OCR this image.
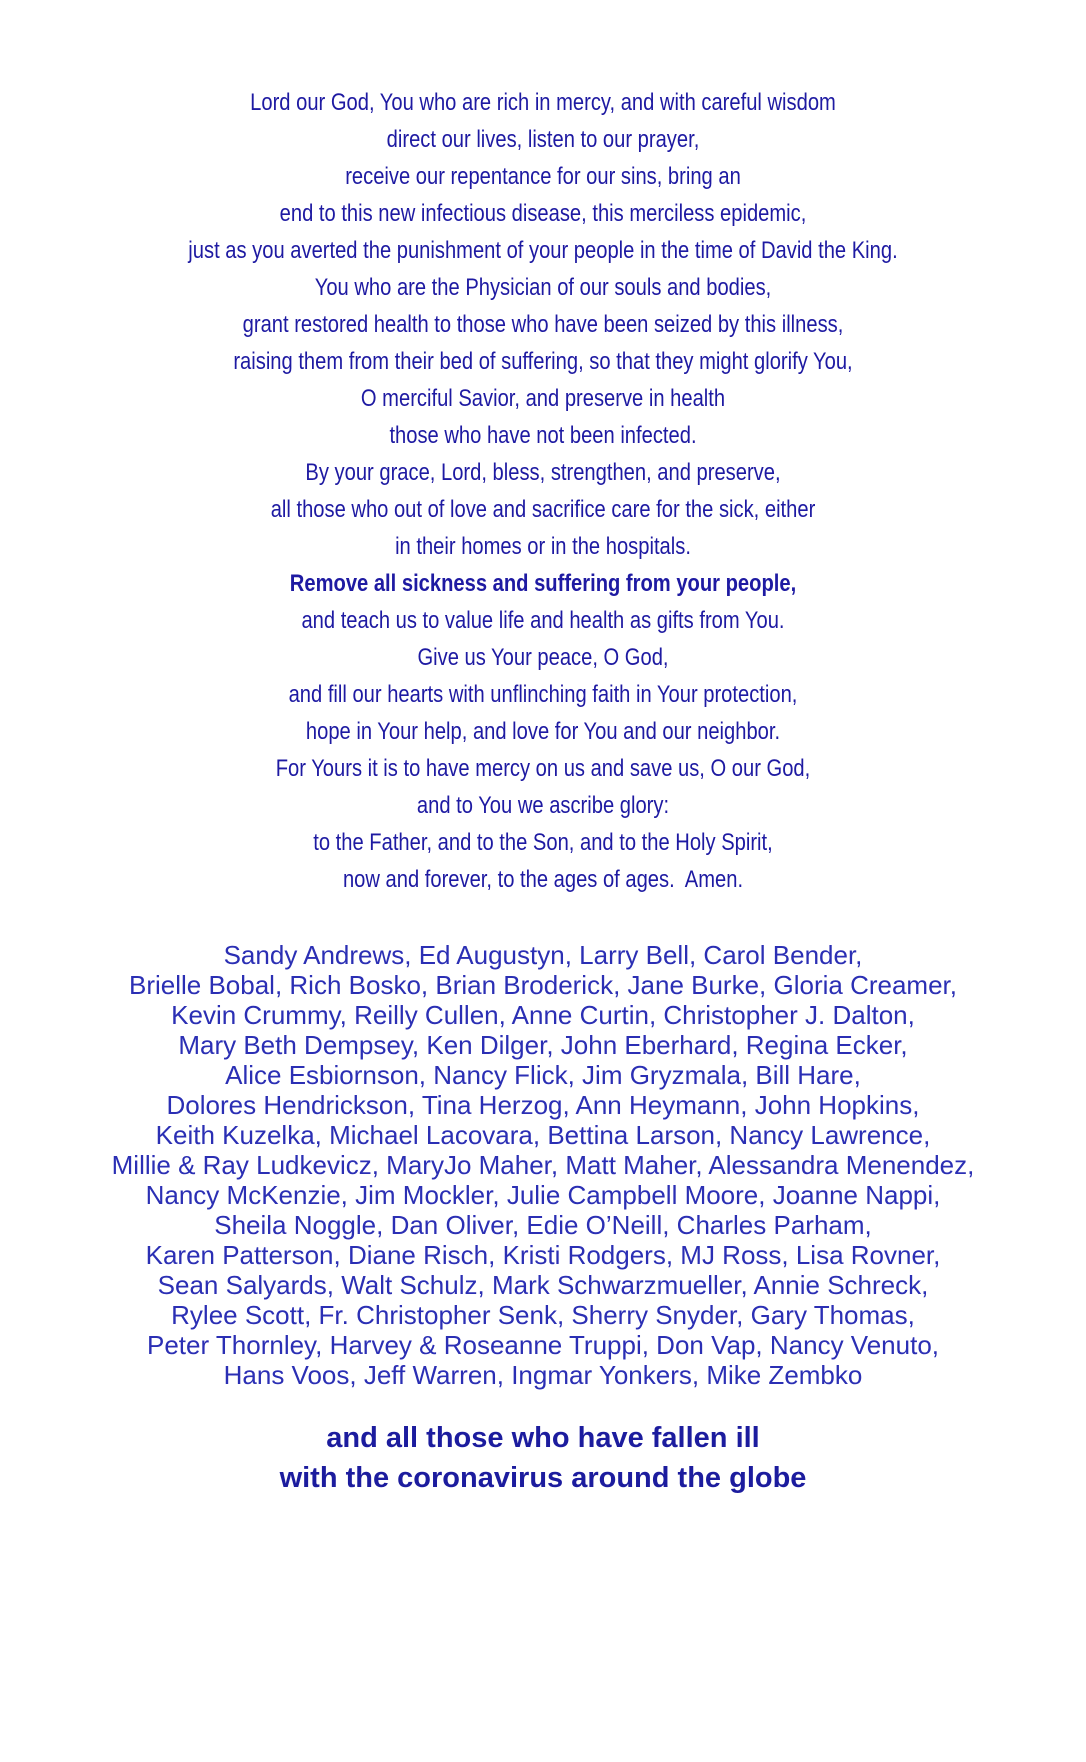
Lord our God, You who are rich in mercy, and with careful wisdom
direct our lives, listen to our prayer,
receive our repentance for our sins, bring an
end to this new infectious disease, this merciless epidemic,
just as you averted the punishment of your people in the time of David the King.
You who are the Physician of our souls and bodies,
grant restored health to those who have been seized by this illness,
raising them from their bed of suffering, so that they might glorify You,
O merciful Savior, and preserve in health
those who have not been infected.
By your grace, Lord, bless, strengthen, and preserve,
all those who out of love and sacrifice care for the sick, either
in their homes or in the hospitals.
Remove all sickness and suffering from your people,
and teach us to value life and health as gifts from You.
Give us Your peace, O God,
and fill our hearts with unflinching faith in Your protection,
hope in Your help, and love for You and our neighbor.
For Yours it is to have mercy on us and save us, O our God,
and to You we ascribe glory:
to the Father, and to the Son, and to the Holy Spirit,
now and forever, to the ages of ages.  Amen.
Sandy Andrews, Ed Augustyn, Larry Bell, Carol Bender,
Brielle Bobal, Rich Bosko, Brian Broderick, Jane Burke, Gloria Creamer,
Kevin Crummy, Reilly Cullen, Anne Curtin, Christopher J. Dalton,
Mary Beth Dempsey, Ken Dilger, John Eberhard, Regina Ecker,
Alice Esbiornson, Nancy Flick, Jim Gryzmala, Bill Hare,
Dolores Hendrickson, Tina Herzog, Ann Heymann, John Hopkins,
Keith Kuzelka, Michael Lacovara, Bettina Larson, Nancy Lawrence,
Millie & Ray Ludkevicz, MaryJo Maher, Matt Maher, Alessandra Menendez,
Nancy McKenzie, Jim Mockler, Julie Campbell Moore, Joanne Nappi,
Sheila Noggle, Dan Oliver, Edie O’Neill, Charles Parham,
Karen Patterson, Diane Risch, Kristi Rodgers, MJ Ross, Lisa Rovner,
Sean Salyards, Walt Schulz, Mark Schwarzmueller, Annie Schreck,
Rylee Scott, Fr. Christopher Senk, Sherry Snyder, Gary Thomas,
Peter Thornley, Harvey & Roseanne Truppi, Don Vap, Nancy Venuto,
Hans Voos, Jeff Warren, Ingmar Yonkers, Mike Zembko
and all those who have fallen ill
with the coronavirus around the globe
